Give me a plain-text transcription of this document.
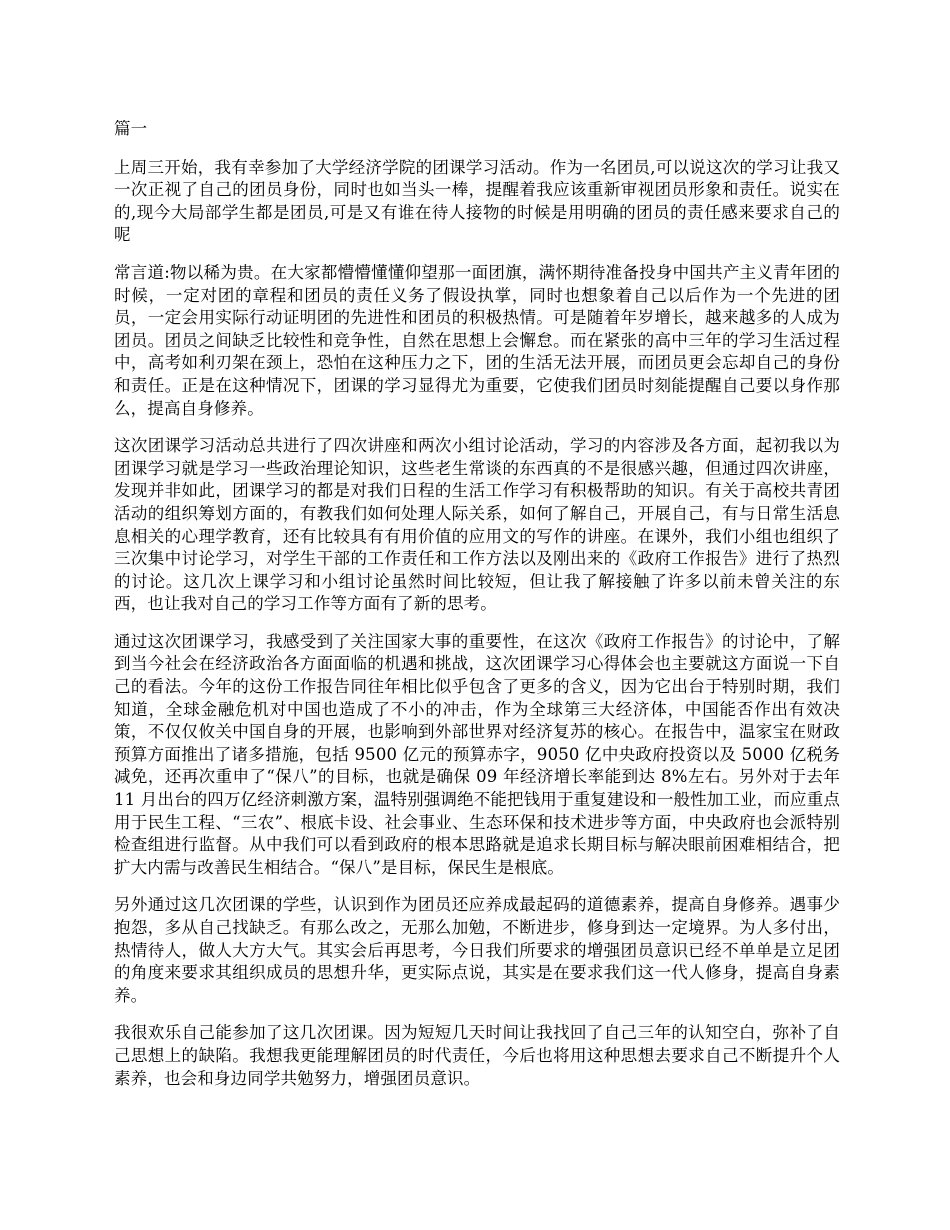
篇一

上周三开始，我有幸参加了大学经济学院的团课学习活动。作为一名团员,可以说这次的学习让我又一次正视了自己的团员身份，同时也如当头一棒，提醒着我应该重新审视团员形象和责任。说实在的,现今大局部学生都是团员,可是又有谁在待人接物的时候是用明确的团员的责任感来要求自己的呢

常言道:物以稀为贵。在大家都懵懵懂懂仰望那一面团旗，满怀期待准备投身中国共产主义青年团的时候，一定对团的章程和团员的责任义务了假设执掌，同时也想象着自己以后作为一个先进的团员，一定会用实际行动证明团的先进性和团员的积极热情。可是随着年岁增长，越来越多的人成为团员。团员之间缺乏比较性和竞争性，自然在思想上会懈怠。而在紧张的高中三年的学习生活过程中，高考如利刃架在颈上，恐怕在这种压力之下，团的生活无法开展，而团员更会忘却自己的身份和责任。正是在这种情况下，团课的学习显得尤为重要，它使我们团员时刻能提醒自己要以身作那么，提高自身修养。

这次团课学习活动总共进行了四次讲座和两次小组讨论活动，学习的内容涉及各方面，起初我以为团课学习就是学习一些政治理论知识，这些老生常谈的东西真的不是很感兴趣，但通过四次讲座，发现并非如此，团课学习的都是对我们日程的生活工作学习有积极帮助的知识。有关于高校共青团活动的组织筹划方面的，有教我们如何处理人际关系，如何了解自己，开展自己，有与日常生活息息相关的心理学教育，还有比较具有有用价值的应用文的写作的讲座。在课外，我们小组也组织了三次集中讨论学习，对学生干部的工作责任和工作方法以及刚出来的《政府工作报告》进行了热烈的讨论。这几次上课学习和小组讨论虽然时间比较短，但让我了解接触了许多以前未曾关注的东西，也让我对自己的学习工作等方面有了新的思考。

通过这次团课学习，我感受到了关注国家大事的重要性，在这次《政府工作报告》的讨论中，了解到当今社会在经济政治各方面面临的机遇和挑战，这次团课学习心得体会也主要就这方面说一下自己的看法。今年的这份工作报告同往年相比似乎包含了更多的含义，因为它出台于特别时期，我们知道，全球金融危机对中国也造成了不小的冲击，作为全球第三大经济体，中国能否作出有效决策，不仅仅攸关中国自身的开展，也影响到外部世界对经济复苏的核心。在报告中，温家宝在财政预算方面推出了诸多措施，包括 9500 亿元的预算赤字，9050 亿中央政府投资以及 5000 亿税务减免，还再次重申了“保八”的目标，也就是确保 09 年经济增长率能到达 8%左右。另外对于去年 11 月出台的四万亿经济刺激方案，温特别强调绝不能把钱用于重复建设和一般性加工业，而应重点用于民生工程、“三农”、根底卡设、社会事业、生态环保和技术进步等方面，中央政府也会派特别检查组进行监督。从中我们可以看到政府的根本思路就是追求长期目标与解决眼前困难相结合，把扩大内需与改善民生相结合。“保八”是目标，保民生是根底。

另外通过这几次团课的学些，认识到作为团员还应养成最起码的道德素养，提高自身修养。遇事少抱怨，多从自己找缺乏。有那么改之，无那么加勉，不断进步，修身到达一定境界。为人多付出，热情待人，做人大方大气。其实会后再思考，今日我们所要求的增强团员意识已经不单单是立足团的角度来要求其组织成员的思想升华，更实际点说，其实是在要求我们这一代人修身，提高自身素养。

我很欢乐自己能参加了这几次团课。因为短短几天时间让我找回了自己三年的认知空白，弥补了自己思想上的缺陷。我想我更能理解团员的时代责任，今后也将用这种思想去要求自己不断提升个人素养，也会和身边同学共勉努力，增强团员意识。
